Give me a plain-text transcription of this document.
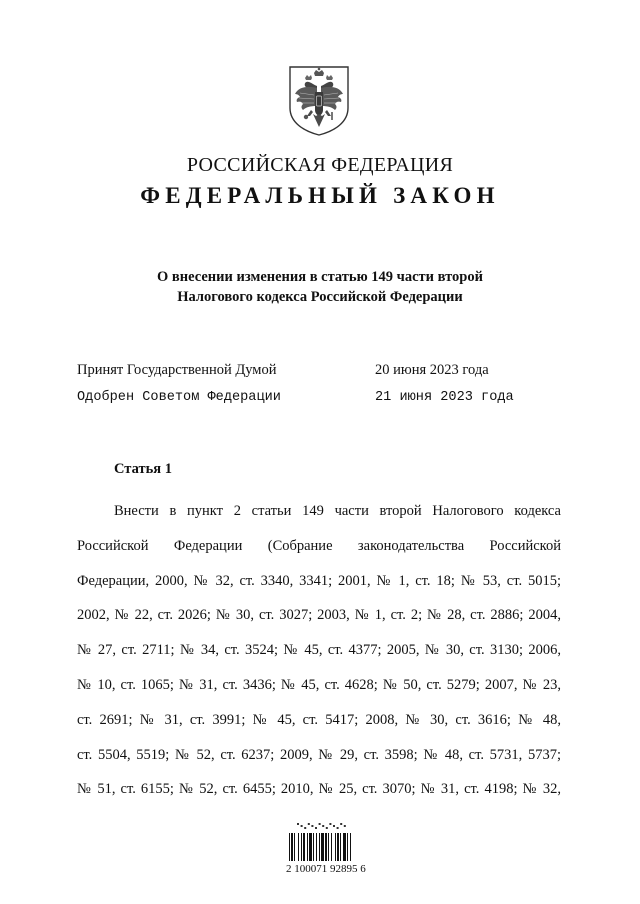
РОССИЙСКАЯ ФЕДЕРАЦИЯ
ФЕДЕРАЛЬНЫЙ ЗАКОН
О внесении изменения в статью 149 части второй
Налогового кодекса Российской Федерации
Принят Государственной Думой	20 июня 2023 года
Одобрен Советом Федерации	21 июня 2023 года
Статья 1
Внести в пункт 2 статьи 149 части второй Налогового кодекса
Российской Федерации (Собрание законодательства Российской
Федерации, 2000, № 32, ст. 3340, 3341; 2001, № 1, ст. 18; № 53, ст. 5015;
2002, № 22, ст. 2026; № 30, ст. 3027; 2003, № 1, ст. 2; № 28, ст. 2886; 2004,
№ 27, ст. 2711; № 34, ст. 3524; № 45, ст. 4377; 2005, № 30, ст. 3130; 2006,
№ 10, ст. 1065; № 31, ст. 3436; № 45, ст. 4628; № 50, ст. 5279; 2007, № 23,
ст. 2691; № 31, ст. 3991; № 45, ст. 5417; 2008, № 30, ст. 3616; № 48,
ст. 5504, 5519; № 52, ст. 6237; 2009, № 29, ст. 3598; № 48, ст. 5731, 5737;
№ 51, ст. 6155; № 52, ст. 6455; 2010, № 25, ст. 3070; № 31, ст. 4198; № 32,
2 100071 92895 6
